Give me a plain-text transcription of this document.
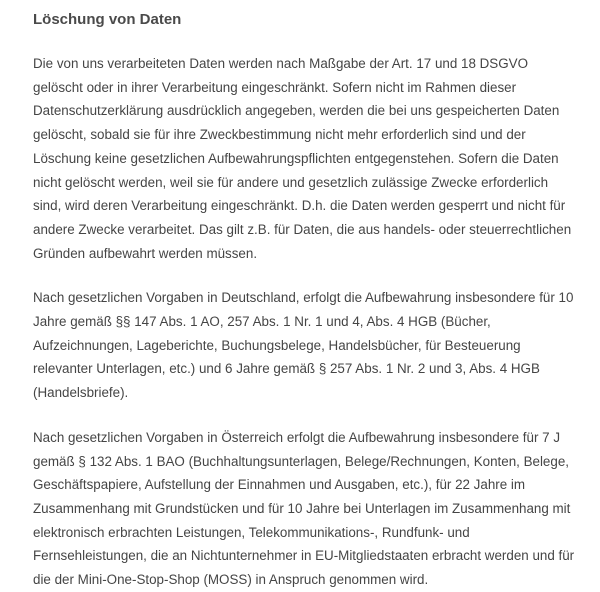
Löschung von Daten

Die von uns verarbeiteten Daten werden nach Maßgabe der Art. 17 und 18 DSGVO gelöscht oder in ihrer Verarbeitung eingeschränkt. Sofern nicht im Rahmen dieser Datenschutzerklärung ausdrücklich angegeben, werden die bei uns gespeicherten Daten gelöscht, sobald sie für ihre Zweckbestimmung nicht mehr erforderlich sind und der Löschung keine gesetzlichen Aufbewahrungspflichten entgegenstehen. Sofern die Daten nicht gelöscht werden, weil sie für andere und gesetzlich zulässige Zwecke erforderlich sind, wird deren Verarbeitung eingeschränkt. D.h. die Daten werden gesperrt und nicht für andere Zwecke verarbeitet. Das gilt z.B. für Daten, die aus handels- oder steuerrechtlichen Gründen aufbewahrt werden müssen.

Nach gesetzlichen Vorgaben in Deutschland, erfolgt die Aufbewahrung insbesondere für 10 Jahre gemäß §§ 147 Abs. 1 AO, 257 Abs. 1 Nr. 1 und 4, Abs. 4 HGB (Bücher, Aufzeichnungen, Lageberichte, Buchungsbelege, Handelsbücher, für Besteuerung relevanter Unterlagen, etc.) und 6 Jahre gemäß § 257 Abs. 1 Nr. 2 und 3, Abs. 4 HGB (Handelsbriefe).

Nach gesetzlichen Vorgaben in Österreich erfolgt die Aufbewahrung insbesondere für 7 J gemäß § 132 Abs. 1 BAO (Buchhaltungsunterlagen, Belege/Rechnungen, Konten, Belege, Geschäftspapiere, Aufstellung der Einnahmen und Ausgaben, etc.), für 22 Jahre im Zusammenhang mit Grundstücken und für 10 Jahre bei Unterlagen im Zusammenhang mit elektronisch erbrachten Leistungen, Telekommunikations-, Rundfunk- und Fernsehleistungen, die an Nichtunternehmer in EU-Mitgliedstaaten erbracht werden und für die der Mini-One-Stop-Shop (MOSS) in Anspruch genommen wird.
